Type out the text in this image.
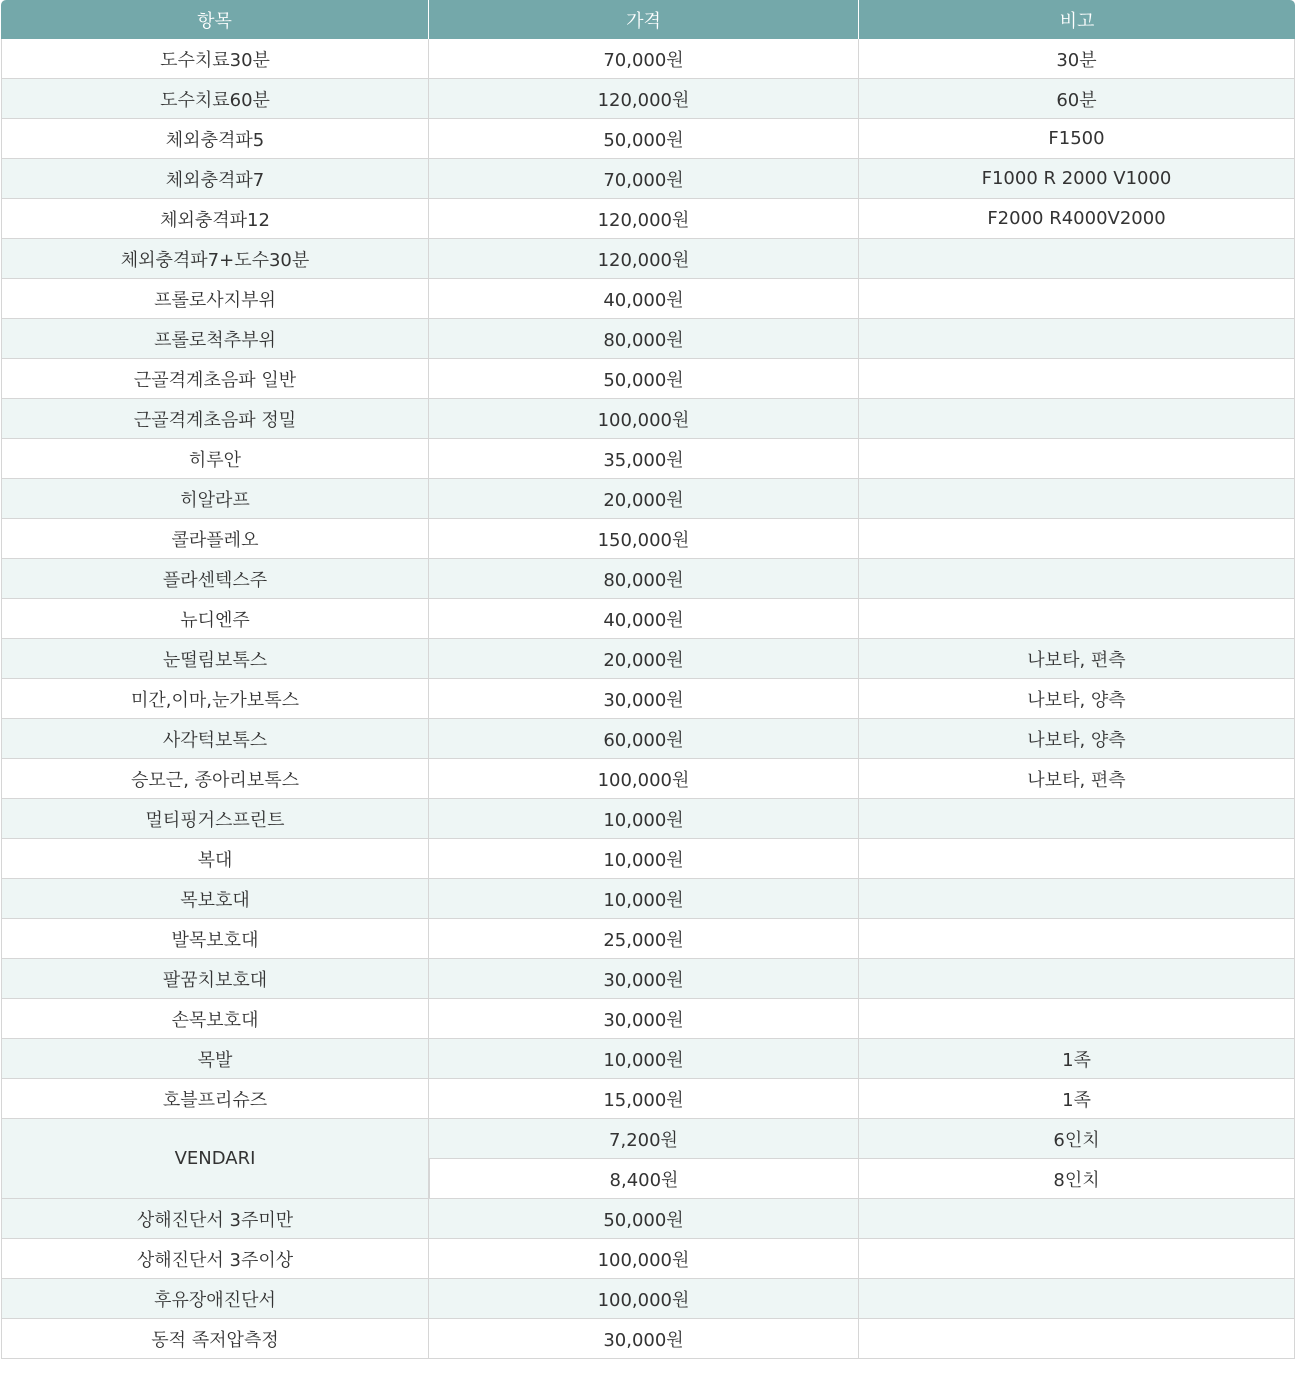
항목	가격	비고
도수치료30분	70,000원	30분
도수치료60분	120,000원	60분
체외충격파5	50,000원	F1500
체외충격파7	70,000원	F1000 R 2000 V1000
체외충격파12	120,000원	F2000 R4000V2000
체외충격파7+도수30분	120,000원	
프롤로사지부위	40,000원	
프롤로척추부위	80,000원	
근골격계초음파 일반	50,000원	
근골격계초음파 정밀	100,000원	
히루안	35,000원	
히알라프	20,000원	
콜라플레오	150,000원	
플라센텍스주	80,000원	
뉴디엔주	40,000원	
눈떨림보톡스	20,000원	나보타, 편측
미간,이마,눈가보톡스	30,000원	나보타, 양측
사각턱보톡스	60,000원	나보타, 양측
승모근, 종아리보톡스	100,000원	나보타, 편측
멀티핑거스프린트	10,000원	
복대	10,000원	
목보호대	10,000원	
발목보호대	25,000원	
팔꿈치보호대	30,000원	
손목보호대	30,000원	
목발	10,000원	1족
호블프리슈즈	15,000원	1족
VENDARI	7,200원	6인치
	8,400원	8인치
상해진단서 3주미만	50,000원	
상해진단서 3주이상	100,000원	
후유장애진단서	100,000원	
동적 족저압측정	30,000원	
